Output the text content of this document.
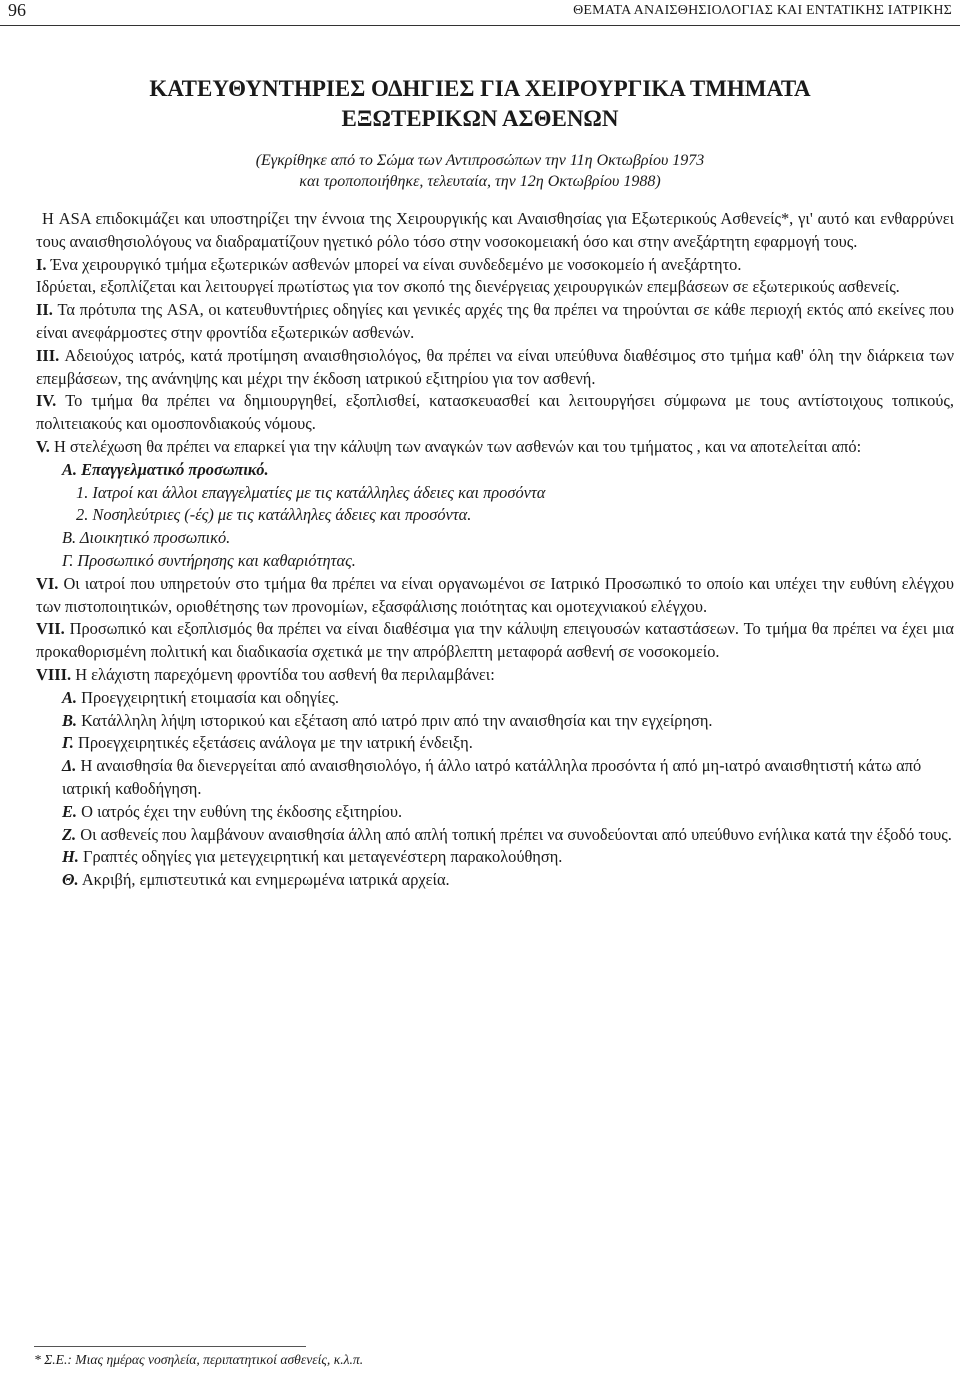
96	ΘΕΜΑΤΑ ΑΝΑΙΣΘΗΣΙΟΛΟΓΙΑΣ ΚΑΙ ΕΝΤΑΤΙΚΗΣ ΙΑΤΡΙΚΗΣ
ΚΑΤΕΥΘΥΝΤΗΡΙΕΣ ΟΔΗΓΙΕΣ ΓΙΑ ΧΕΙΡΟΥΡΓΙΚΑ ΤΜΗΜΑΤΑ
ΕΞΩΤΕΡΙΚΩΝ ΑΣΘΕΝΩΝ
(Εγκρίθηκε από το Σώμα των Αντιπροσώπων την 11η Οκτωβρίου 1973
και τροποποιήθηκε, τελευταία, την 12η Οκτωβρίου 1988)

Η ASA επιδοκιμάζει και υποστηρίζει την έννοια της Χειρουργικής και Αναισθησίας για Εξωτερικούς Ασθενείς*, γι' αυτό και ενθαρρύνει τους αναισθησιολόγους να διαδραματίζουν ηγετικό ρόλο τόσο στην νοσοκομειακή όσο και στην ανεξάρτητη εφαρμογή τους.

Ι. Ένα χειρουργικό τμήμα εξωτερικών ασθενών μπορεί να είναι συνδεδεμένο με νοσοκομείο ή ανεξάρτητο.

Ιδρύεται, εξοπλίζεται και λειτουργεί πρωτίστως για τον σκοπό της διενέργειας χειρουργικών επεμβάσεων σε εξωτερικούς ασθενείς.

II. Τα πρότυπα της ASA, οι κατευθυντήριες οδηγίες και γενικές αρχές της θα πρέπει να τηρούνται σε κάθε περιοχή εκτός από εκείνες που είναι ανεφάρμοστες στην φροντίδα εξωτερικών ασθενών.

III. Αδειούχος ιατρός, κατά προτίμηση αναισθησιολόγος, θα πρέπει να είναι υπεύθυνα διαθέσιμος στο τμήμα καθ' όλη την διάρκεια των επεμβάσεων, της ανάνηψης και μέχρι την έκδοση ιατρικού εξιτηρίου για τον ασθενή.

IV. Το τμήμα θα πρέπει να δημιουργηθεί, εξοπλισθεί, κατασκευασθεί και λειτουργήσει σύμφωνα με τους αντίστοιχους τοπικούς, πολιτειακούς και ομοσπονδιακούς νόμους.

V. Η στελέχωση θα πρέπει να επαρκεί για την κάλυψη των αναγκών των ασθενών και του τμήματος , και να αποτελείται από:

Α. Επαγγελματικό προσωπικό.

1. Ιατροί και άλλοι επαγγελματίες με τις κατάλληλες άδειες και προσόντα

2. Νοσηλεύτριες (-ές) με τις κατάλληλες άδειες και προσόντα.

Β. Διοικητικό προσωπικό.

Γ. Προσωπικό συντήρησης και καθαριότητας.

VI. Οι ιατροί που υπηρετούν στο τμήμα θα πρέπει να είναι οργανωμένοι σε Ιατρικό Προσωπικό το οποίο και υπέχει την ευθύνη ελέγχου των πιστοποιητικών, οριοθέτησης των προνομίων, εξασφάλισης ποιότητας και ομοτεχνιακού ελέγχου.

VII. Προσωπικό και εξοπλισμός θα πρέπει να είναι διαθέσιμα για την κάλυψη επειγουσών καταστάσεων. Το τμήμα θα πρέπει να έχει μια προκαθορισμένη πολιτική και διαδικασία σχετικά με την απρόβλεπτη μεταφορά ασθενή σε νοσοκομείο.

VIII. Η ελάχιστη παρεχόμενη φροντίδα του ασθενή θα περιλαμβάνει:

Α. Προεγχειρητική ετοιμασία και οδηγίες.

Β. Κατάλληλη λήψη ιστορικού και εξέταση από ιατρό πριν από την αναισθησία και την εγχείρηση.

Γ. Προεγχειρητικές εξετάσεις ανάλογα με την ιατρική ένδειξη.

Δ. Η αναισθησία θα διενεργείται από αναισθησιολόγο, ή άλλο ιατρό κατάλληλα προσόντα ή από μη-ιατρό αναισθητιστή κάτω από ιατρική καθοδήγηση.

Ε. Ο ιατρός έχει την ευθύνη της έκδοσης εξιτηρίου.

Ζ. Οι ασθενείς που λαμβάνουν αναισθησία άλλη από απλή τοπική πρέπει να συνοδεύονται από υπεύθυνο ενήλικα κατά την έξοδό τους.

Η. Γραπτές οδηγίες για μετεγχειρητική και μεταγενέστερη παρακολούθηση.

Θ. Ακριβή, εμπιστευτικά και ενημερωμένα ιατρικά αρχεία.

* Σ.Ε.: Μιας ημέρας νοσηλεία, περιπατητικοί ασθενείς, κ.λ.π.
